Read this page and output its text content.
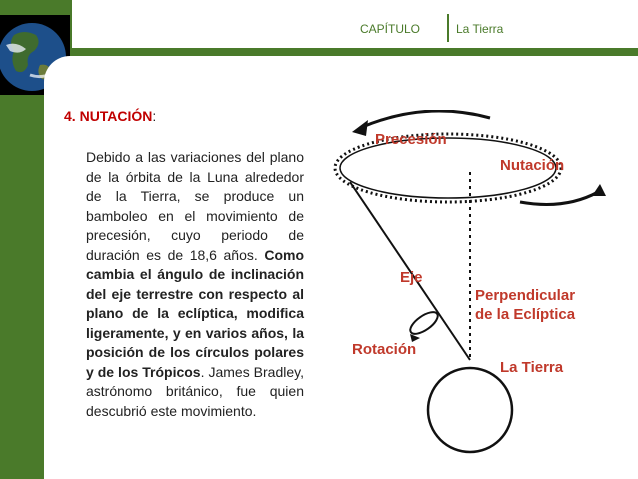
CAPÍTULO	La Tierra
4. NUTACIÓN:
Debido a las variaciones del plano de la órbita de la Luna alrededor de la Tierra, se produce un bamboleo en el movimiento de precesión, cuyo periodo de duración es de 18,6 años. Como cambia el ángulo de inclinación del eje terrestre con respecto al plano de la eclíptica, modifica ligeramente, y en varios años, la posición de los círculos polares y de los Trópicos. James Bradley, astrónomo británico, fue quien descubrió este movimiento.
Precesión
Nutación
Eje
Perpendicular
de la Eclíptica
Rotación
La Tierra
